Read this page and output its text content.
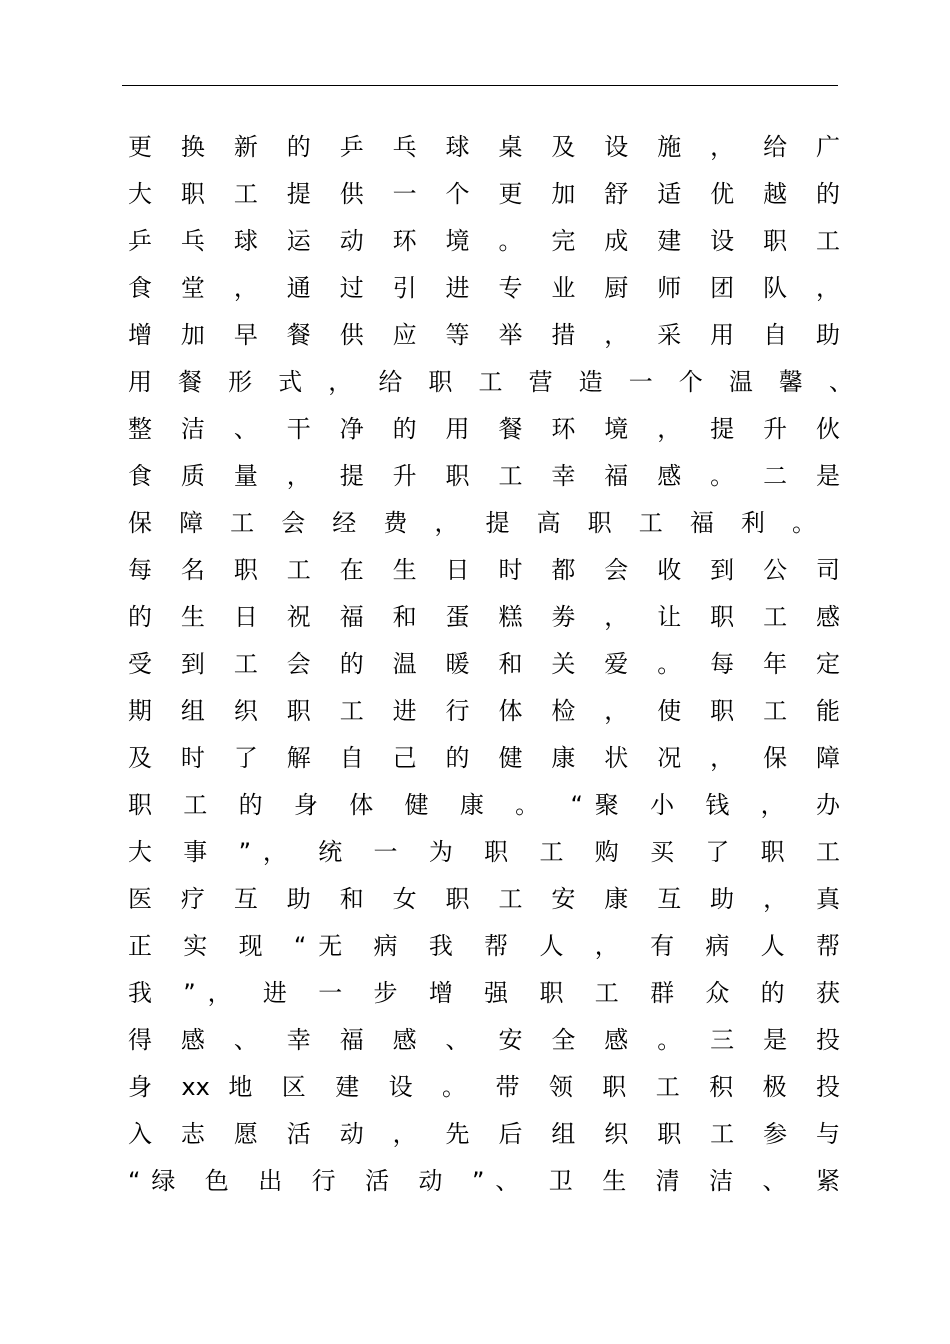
更 换 新 的 乒 乓 球 桌 及 设 施 ， 给 广
大 职 工 提 供 一 个 更 加 舒 适 优 越 的
乒 乓 球 运 动 环 境 。 完 成 建 设 职 工
食 堂 ， 通 过 引 进 专 业 厨 师 团 队 ，
增 加 早 餐 供 应 等 举 措 ， 采 用 自 助
用 餐 形 式 ， 给 职 工 营 造 一 个 温 馨 、
整 洁 、 干 净 的 用 餐 环 境 ， 提 升 伙
食 质 量 ， 提 升 职 工 幸 福 感 。 二 是
保 障 工 会 经 费 ， 提 高 职 工 福 利 。
每 名 职 工 在 生 日 时 都 会 收 到 公 司
的 生 日 祝 福 和 蛋 糕 劵 ， 让 职 工 感
受 到 工 会 的 温 暖 和 关 爱 。 每 年 定
期 组 织 职 工 进 行 体 检 ， 使 职 工 能
及 时 了 解 自 己 的 健 康 状 况 ， 保 障
职 工 的 身 体 健 康 。 “聚 小 钱 ， 办
大 事 ”， 统 一 为 职 工 购 买 了 职 工
医 疗 互 助 和 女 职 工 安 康 互 助 ， 真
正 实 现 “无 病 我 帮 人 ， 有 病 人 帮
我 ”， 进 一 步 增 强 职 工 群 众 的 获
得 感 、 幸 福 感 、 安 全 感 。 三 是 投
身 xx 地 区 建 设 。 带 领 职 工 积 极 投
入 志 愿 活 动 ， 先 后 组 织 职 工 参 与
“绿 色 出 行 活 动 ”、 卫 生 清 洁 、 紧
